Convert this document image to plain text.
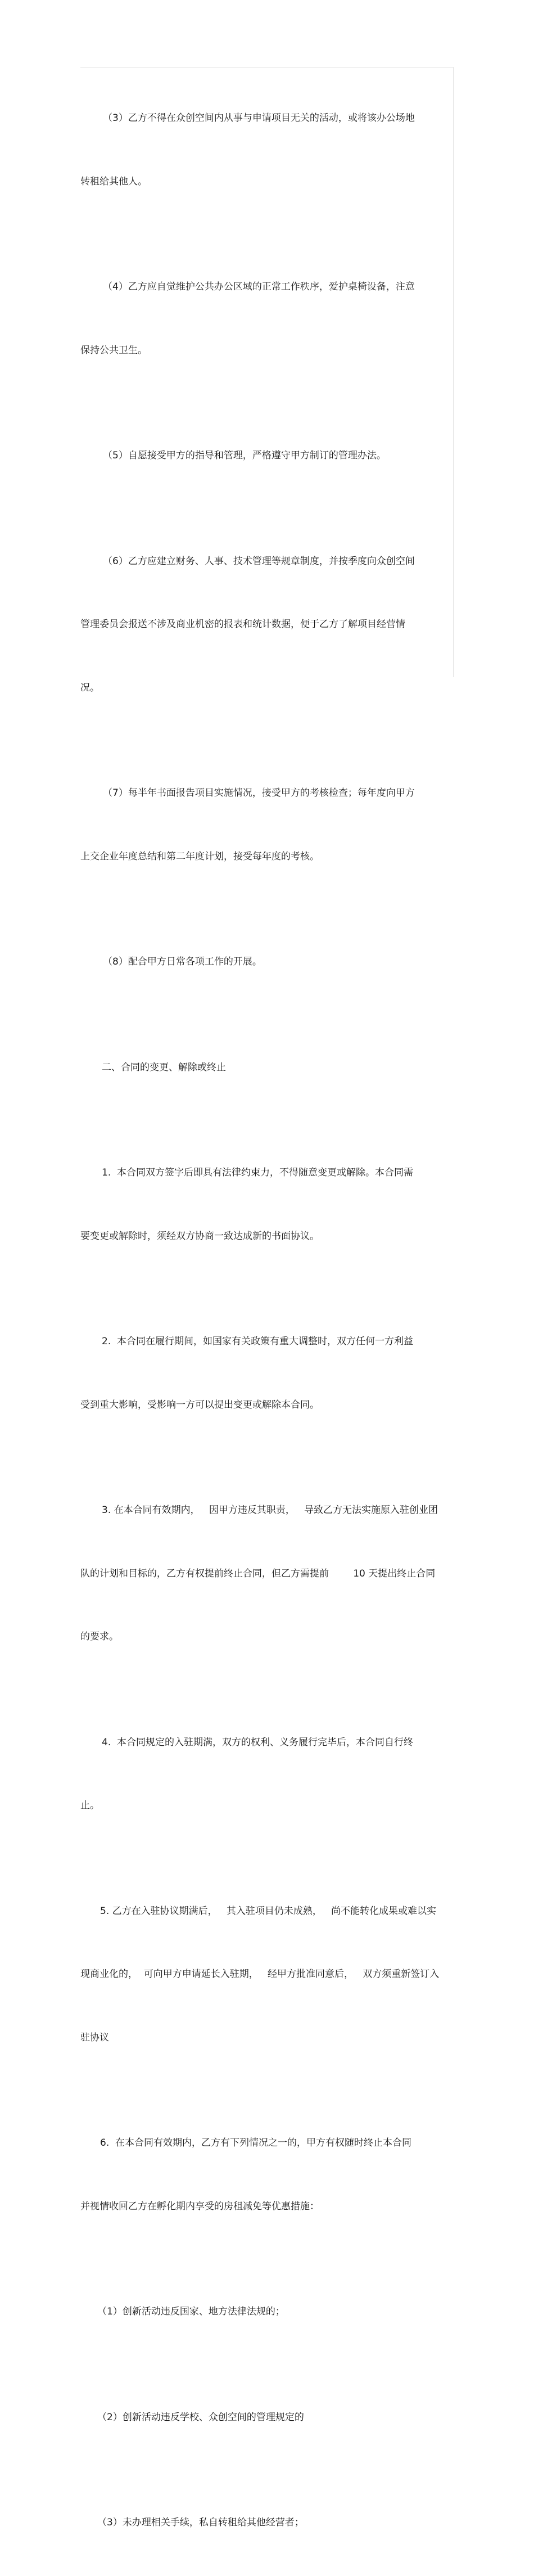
（3）乙方不得在众创空间内从事与申请项目无关的活动，或将该办公场地

转租给其他人。

（4）乙方应自觉维护公共办公区域的正常工作秩序，爱护桌椅设备，注意

保持公共卫生。

（5）自愿接受甲方的指导和管理，严格遵守甲方制订的管理办法。

（6）乙方应建立财务、人事、技术管理等规章制度，并按季度向众创空间

管理委员会报送不涉及商业机密的报表和统计数据，便于乙方了解项目经营情

况。

（7）每半年书面报告项目实施情况，接受甲方的考核检查；每年度向甲方

上交企业年度总结和第二年度计划，接受每年度的考核。

（8）配合甲方日常各项工作的开展。

二、合同的变更、解除或终止

1.  本合同双方签字后即具有法律约束力，不得随意变更或解除。本合同需

要变更或解除时，须经双方协商一致达成新的书面协议。

2.  本合同在履行期间，如国家有关政策有重大调整时，双方任何一方利益

受到重大影响，受影响一方可以提出变更或解除本合同。

3. 在本合同有效期内，   因甲方违反其职责，   导致乙方无法实施原入驻创业团

队的计划和目标的，乙方有权提前终止合同，但乙方需提前        10 天提出终止合同

的要求。

4.  本合同规定的入驻期满，双方的权利、义务履行完毕后，本合同自行终

止。

5. 乙方在入驻协议期满后，   其入驻项目仍未成熟，   尚不能转化成果或难以实

现商业化的，  可向甲方申请延长入驻期，   经甲方批准同意后，   双方须重新签订入

驻协议

6.  在本合同有效期内，乙方有下列情况之一的，甲方有权随时终止本合同

并视情收回乙方在孵化期内享受的房租减免等优惠措施：

（1）创新活动违反国家、地方法律法规的；

（2）创新活动违反学校、众创空间的管理规定的

（3）未办理相关手续，私自转租给其他经营者；
